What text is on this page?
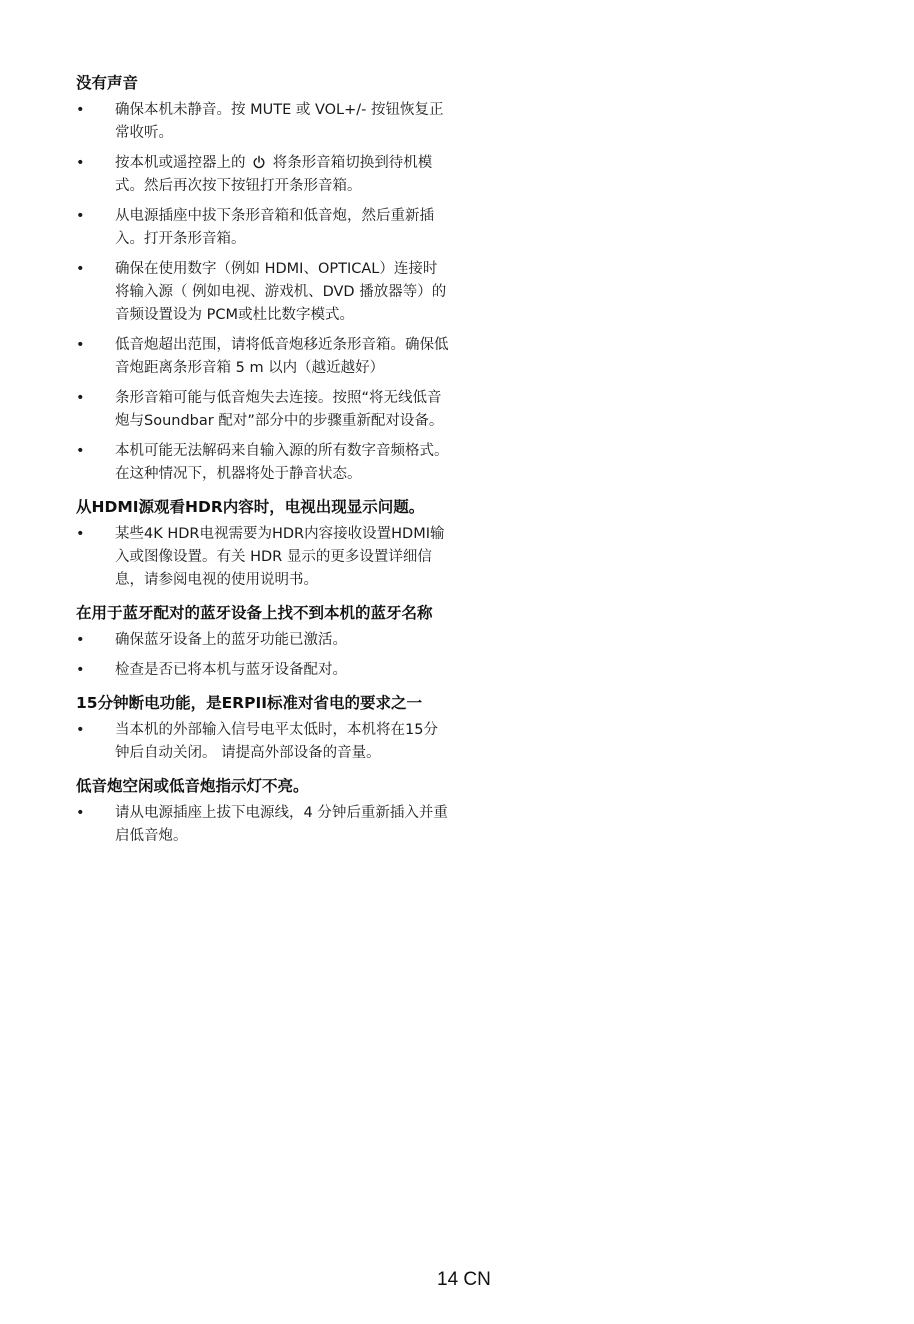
没有声音
•	确保本机未静音。按 MUTE 或 VOL+/- 按钮恢复正常收听。
•	按本机或遥控器上的  将条形音箱切换到待机模式。然后再次按下按钮打开条形音箱。
•	从电源插座中拔下条形音箱和低音炮，然后重新插入。打开条形音箱。
•	确保在使用数字（例如 HDMI、OPTICAL）连接时将输入源（ 例如电视、游戏机、DVD 播放器等）的音频设置设为 PCM或杜比数字模式。
•	低音炮超出范围，请将低音炮移近条形音箱。确保低音炮距离条形音箱 5 m 以内（越近越好）
•	条形音箱可能与低音炮失去连接。按照“将无线低音炮与Soundbar 配对”部分中的步骤重新配对设备。
•	本机可能无法解码来自输入源的所有数字音频格式。在这种情况下，机器将处于静音状态。
从HDMI源观看HDR内容时，电视出现显示问题。
•	某些4K HDR电视需要为HDR内容接收设置HDMI输入或图像设置。有关 HDR 显示的更多设置详细信息，请参阅电视的使用说明书。
在用于蓝牙配对的蓝牙设备上找不到本机的蓝牙名称
•	确保蓝牙设备上的蓝牙功能已激活。
•	检查是否已将本机与蓝牙设备配对。
15分钟断电功能，是ERPII标准对省电的要求之一
•	当本机的外部输入信号电平太低时，本机将在15分钟后自动关闭。 请提高外部设备的音量。
低音炮空闲或低音炮指示灯不亮。
•	请从电源插座上拔下电源线，4 分钟后重新插入并重启低音炮。
14 CN
